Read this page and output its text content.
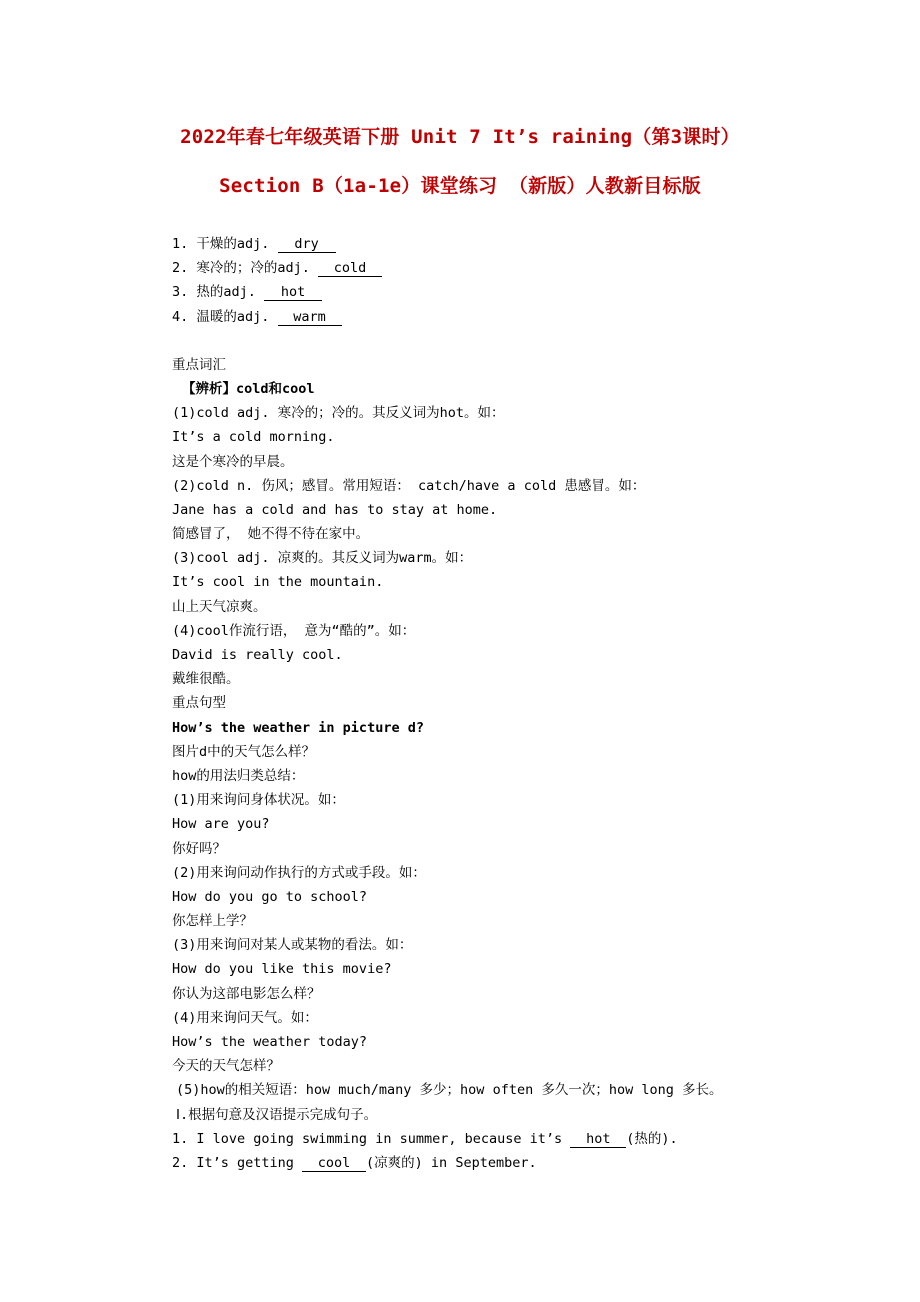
2022年春七年级英语下册 Unit 7 It’s raining（第3课时）
Section B（1a-1e）课堂练习 （新版）人教新目标版
1. 干燥的adj. dry
2. 寒冷的；冷的adj. cold
3. 热的adj. hot
4. 温暖的adj. warm
重点词汇
【辨析】cold和cool
(1)cold adj. 寒冷的；冷的。其反义词为hot。如：
It’s a cold morning.
这是个寒冷的早晨。
(2)cold n. 伤风；感冒。常用短语： catch/have a cold 患感冒。如：
Jane has a cold and has to stay at home.
简感冒了， 她不得不待在家中。
(3)cool adj. 凉爽的。其反义词为warm。如：
It’s cool in the mountain.
山上天气凉爽。
(4)cool作流行语， 意为“酷的”。如：
David is really cool.
戴维很酷。
重点句型
How’s the weather in picture d?
图片d中的天气怎么样？
how的用法归类总结：
(1)用来询问身体状况。如：
How are you?
你好吗？
(2)用来询问动作执行的方式或手段。如：
How do you go to school?
你怎样上学？
(3)用来询问对某人或某物的看法。如：
How do you like this movie?
你认为这部电影怎么样？
(4)用来询问天气。如：
How’s the weather today?
今天的天气怎样？
(5)how的相关短语：how much/many 多少；how often 多久一次；how long 多长。
Ⅰ.根据句意及汉语提示完成句子。
1. I love going swimming in summer, because it’s hot (热的).
2. It’s getting cool (凉爽的) in September.
